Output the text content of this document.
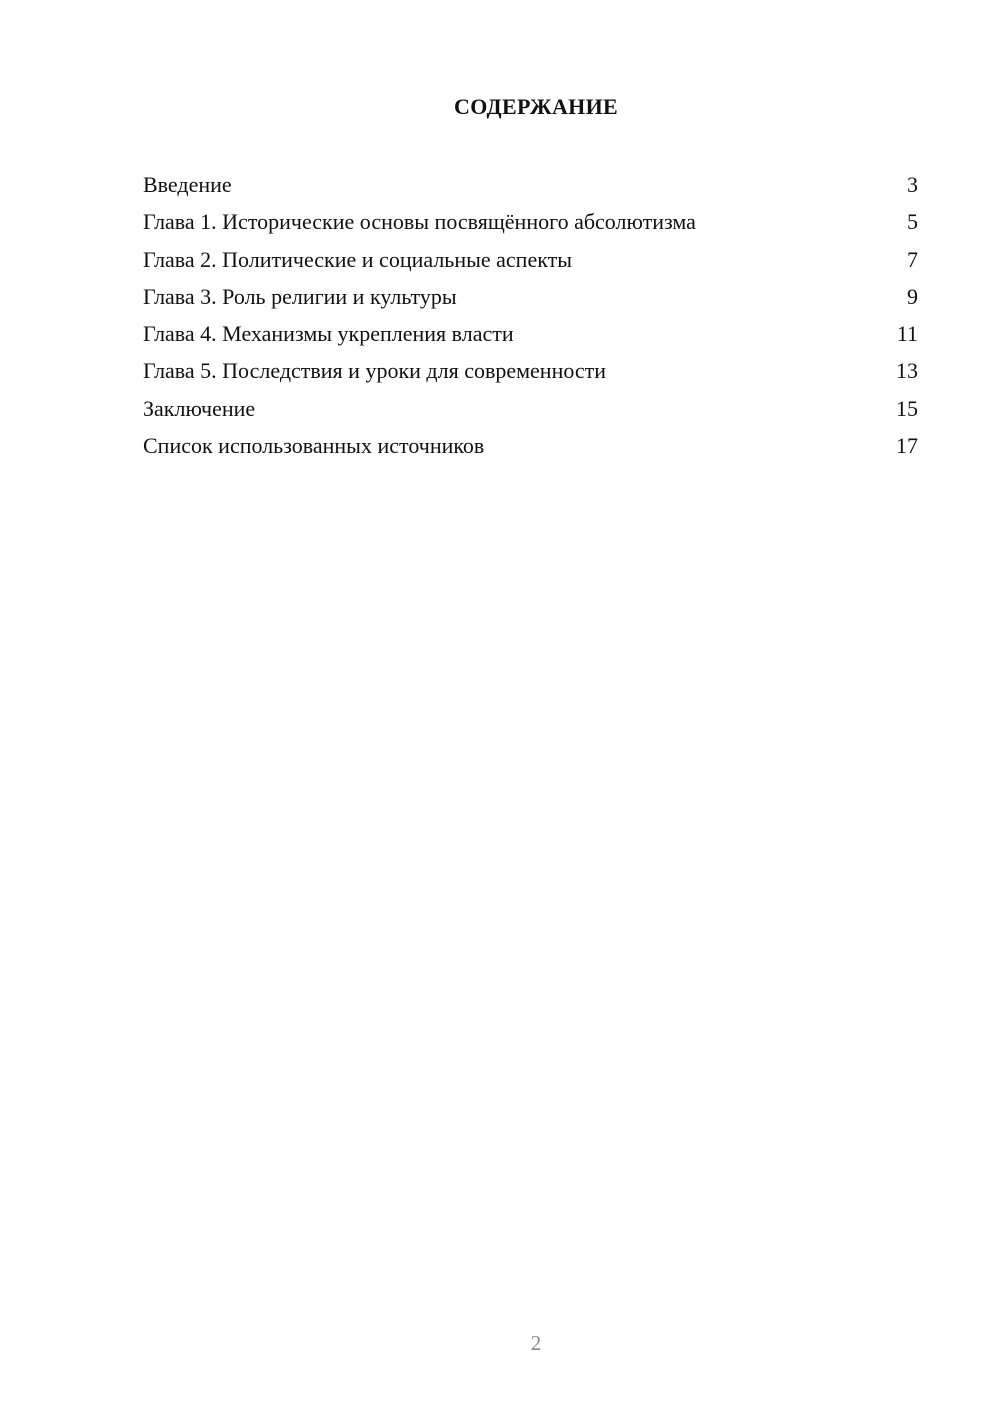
СОДЕРЖАНИЕ
Введение	3
Глава 1. Исторические основы посвящённого абсолютизма	5
Глава 2. Политические и социальные аспекты	7
Глава 3. Роль религии и культуры	9
Глава 4. Механизмы укрепления власти	11
Глава 5. Последствия и уроки для современности	13
Заключение	15
Список использованных источников	17
2
